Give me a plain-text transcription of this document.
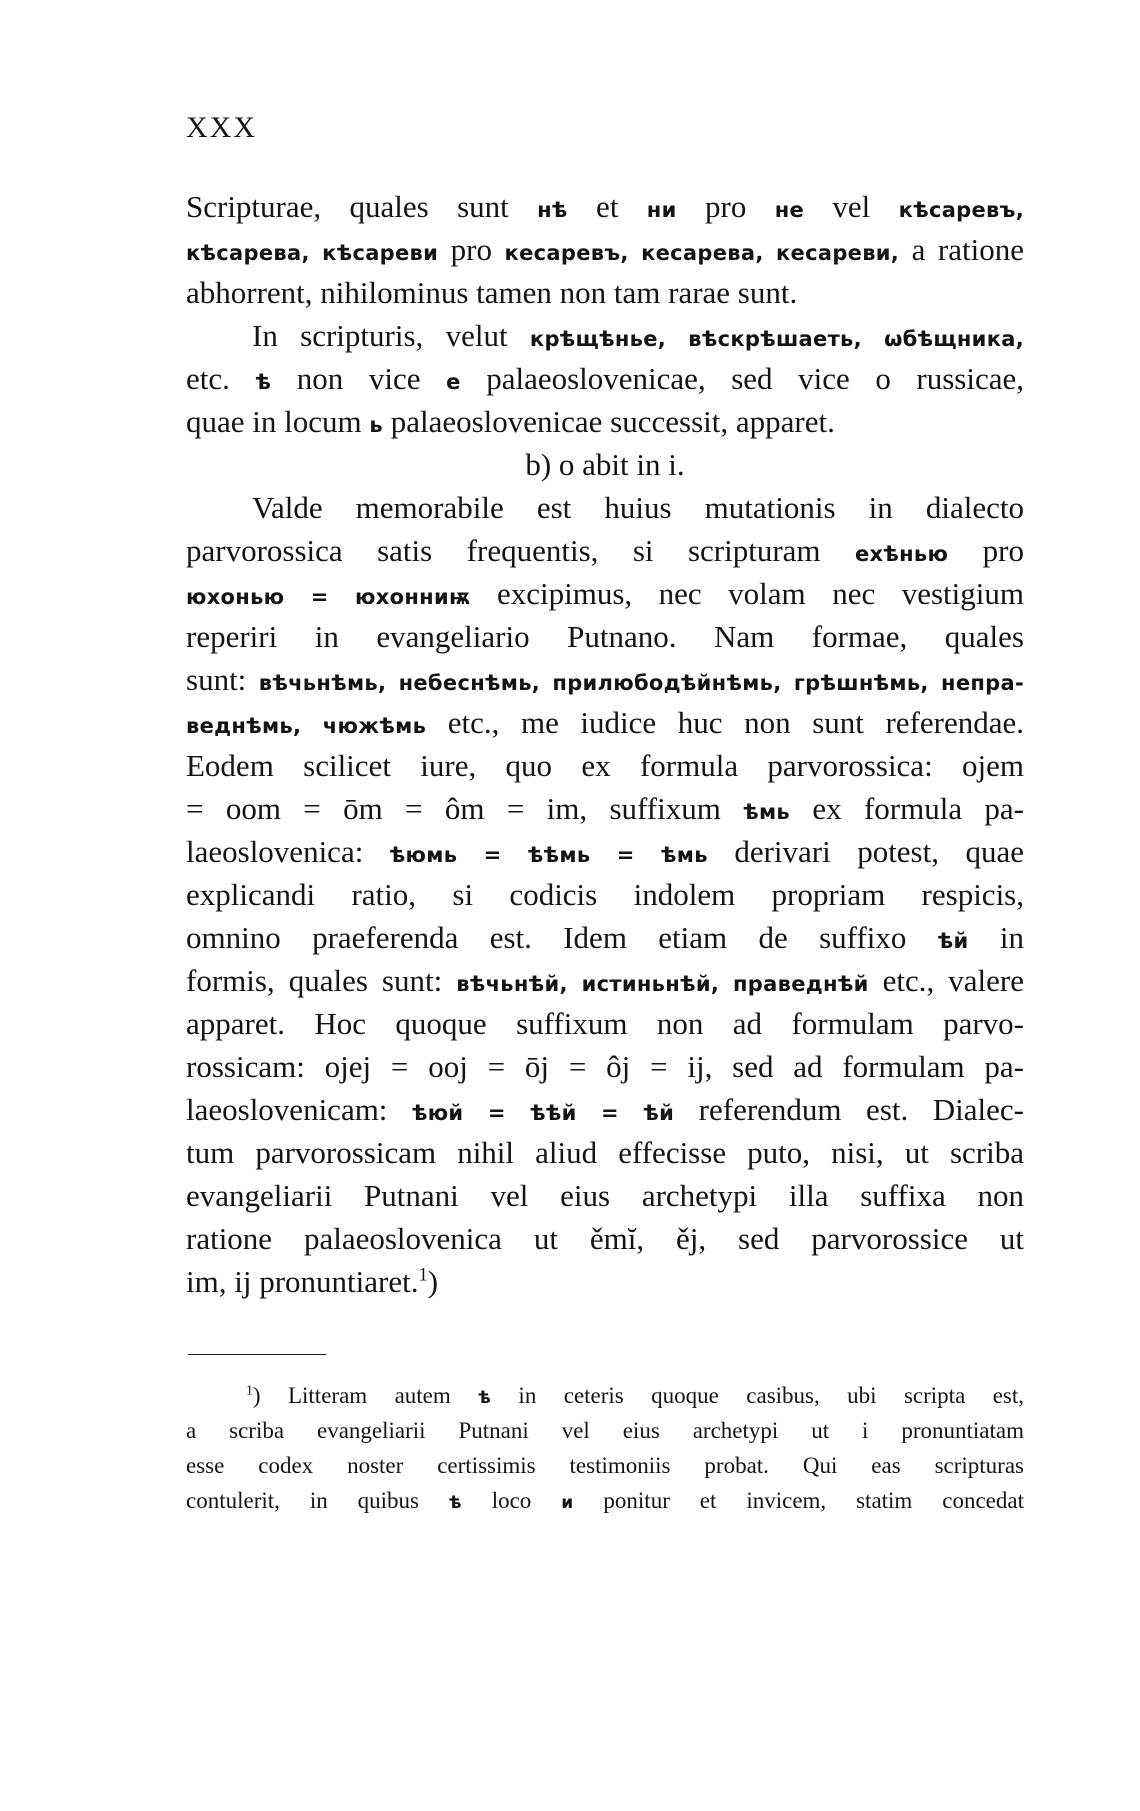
XXX
Scripturae, quales sunt нѣ et ни pro не vel кѣсаревъ,
кѣсарева, кѣсареви pro кесаревъ, кесарева, кесареви, a ratione
abhorrent, nihilominus tamen non tam rarae sunt.
In scripturis, velut крѣщѣнье, вѣскрѣшаеть, ѡбѣщника,
etc. ѣ non vice е palaeoslovenicae, sed vice о russicae,
quae in locum ь palaeoslovenicae successit, apparet.
b) o abit in i.
Valde memorabile est huius mutationis in dialecto
parvorossica satis frequentis, si scripturam ехѣнью pro
юхонью = юхонниѭ excipimus, nec volam nec vestigium
reperiri in evangeliario Putnano. Nam formae, quales
sunt: вѣчьнѣмь, небеснѣмь, прилюбодѣйнѣмь, грѣшнѣмь, непра-
веднѣмь, чюжѣмь etc., me iudice huc non sunt referendae.
Eodem scilicet iure, quo ex formula parvorossica: ojem
= oom = ōm = ôm = im, suffixum ѣмь ex formula pa-
laeoslovenica: ѣюмь = ѣѣмь = ѣмь derivari potest, quae
explicandi ratio, si codicis indolem propriam respicis,
omnino praeferenda est. Idem etiam de suffixo ѣй in
formis, quales sunt: вѣчьнѣй, истиньнѣй, праведнѣй etc., valere
apparet. Hoc quoque suffixum non ad formulam parvo-
rossicam: ojej = ooj = ōj = ôj = ij, sed ad formulam pa-
laeoslovenicam: ѣюй = ѣѣй = ѣй referendum est. Dialec-
tum parvorossicam nihil aliud effecisse puto, nisi, ut scriba
evangeliarii Putnani vel eius archetypi illa suffixa non
ratione palaeoslovenica ut ěmĭ, ěj, sed parvorossice ut
im, ij pronuntiaret.$^1$)
$^1$) Litteram autem ѣ in ceteris quoque casibus, ubi scripta est,
a scriba evangeliarii Putnani vel eius archetypi ut i pronuntiatam
esse codex noster certissimis testimoniis probat. Qui eas scripturas
contulerit, in quibus ѣ loco и ponitur et invicem, statim concedat
